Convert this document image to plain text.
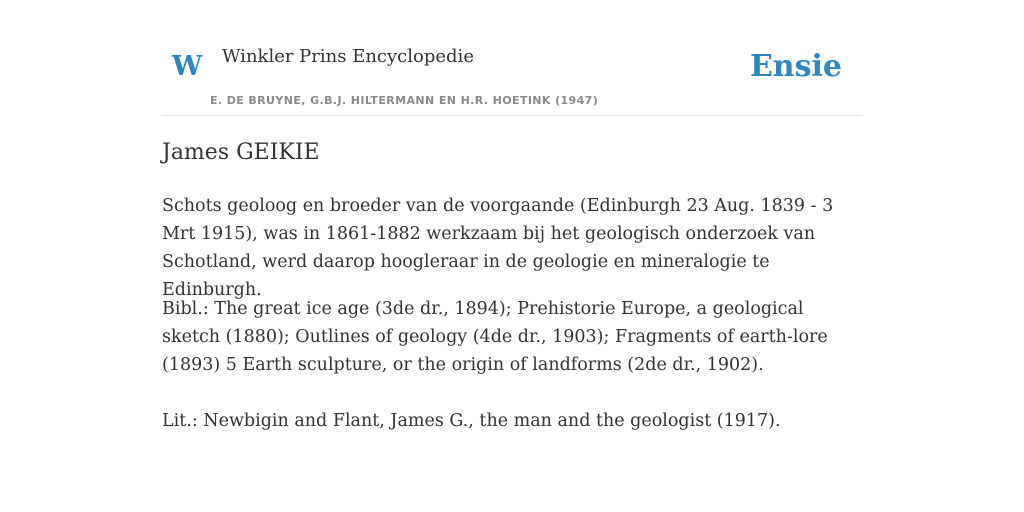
W Winkler Prins Encyclopedie
E. DE BRUYNE, G.B.J. HILTERMANN EN H.R. HOETINK (1947)
Ensie
James GEIKIE

Schots geoloog en broeder van de voorgaande (Edinburgh 23 Aug. 1839 - 3 Mrt 1915), was in 1861-1882 werkzaam bij het geologisch onderzoek van Schotland, werd daarop hoogleraar in de geologie en mineralogie te Edinburgh.

Bibl.: The great ice age (3de dr., 1894); Prehistorie Europe, a geological sketch (1880); Outlines of geology (4de dr., 1903); Fragments of earth-lore (1893) 5 Earth sculpture, or the origin of landforms (2de dr., 1902).

Lit.: Newbigin and Flant, James G., the man and the geologist (1917).
